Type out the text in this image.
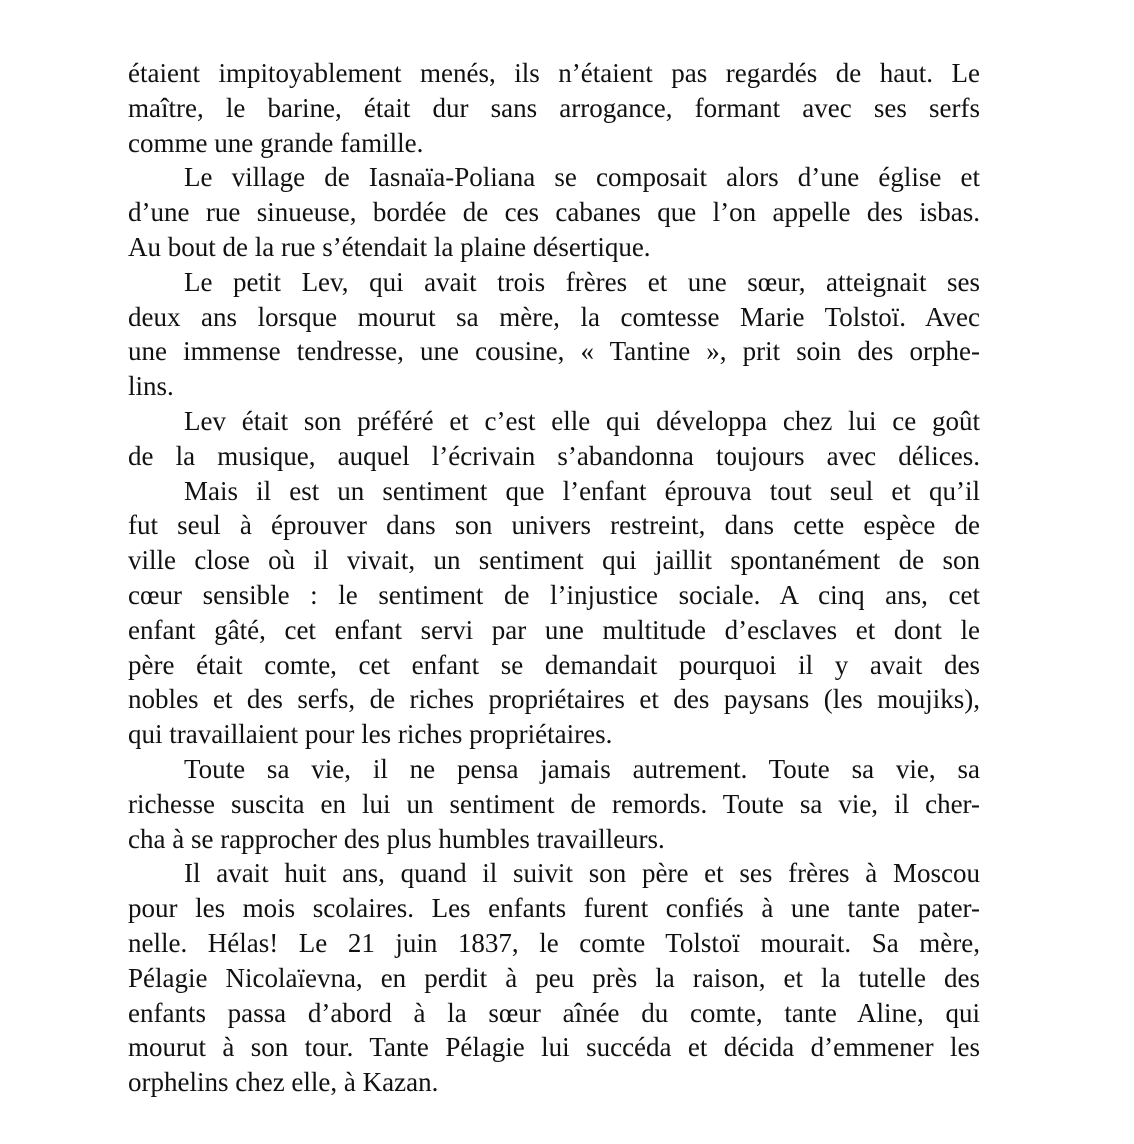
étaient impitoyablement menés, ils n’étaient pas regardés de haut. Le
maître, le barine, était dur sans arrogance, formant avec ses serfs
comme une grande famille.

Le village de Iasnaïa-Poliana se composait alors d’une église et
d’une rue sinueuse, bordée de ces cabanes que l’on appelle des isbas.
Au bout de la rue s’étendait la plaine désertique.

Le petit Lev, qui avait trois frères et une sœur, atteignait ses
deux ans lorsque mourut sa mère, la comtesse Marie Tolstoï. Avec
une immense tendresse, une cousine, « Tantine », prit soin des orphe-
lins.

Lev était son préféré et c’est elle qui développa chez lui ce goût
de la musique, auquel l’écrivain s’abandonna toujours avec délices.

Mais il est un sentiment que l’enfant éprouva tout seul et qu’il
fut seul à éprouver dans son univers restreint, dans cette espèce de
ville close où il vivait, un sentiment qui jaillit spontanément de son
cœur sensible : le sentiment de l’injustice sociale. A cinq ans, cet
enfant gâté, cet enfant servi par une multitude d’esclaves et dont le
père était comte, cet enfant se demandait pourquoi il y avait des
nobles et des serfs, de riches propriétaires et des paysans (les moujiks),
qui travaillaient pour les riches propriétaires.

Toute sa vie, il ne pensa jamais autrement. Toute sa vie, sa
richesse suscita en lui un sentiment de remords. Toute sa vie, il cher-
cha à se rapprocher des plus humbles travailleurs.

Il avait huit ans, quand il suivit son père et ses frères à Moscou
pour les mois scolaires. Les enfants furent confiés à une tante pater-
nelle. Hélas! Le 21 juin 1837, le comte Tolstoï mourait. Sa mère,
Pélagie Nicolaïevna, en perdit à peu près la raison, et la tutelle des
enfants passa d’abord à la sœur aînée du comte, tante Aline, qui
mourut à son tour. Tante Pélagie lui succéda et décida d’emmener les
orphelins chez elle, à Kazan.
